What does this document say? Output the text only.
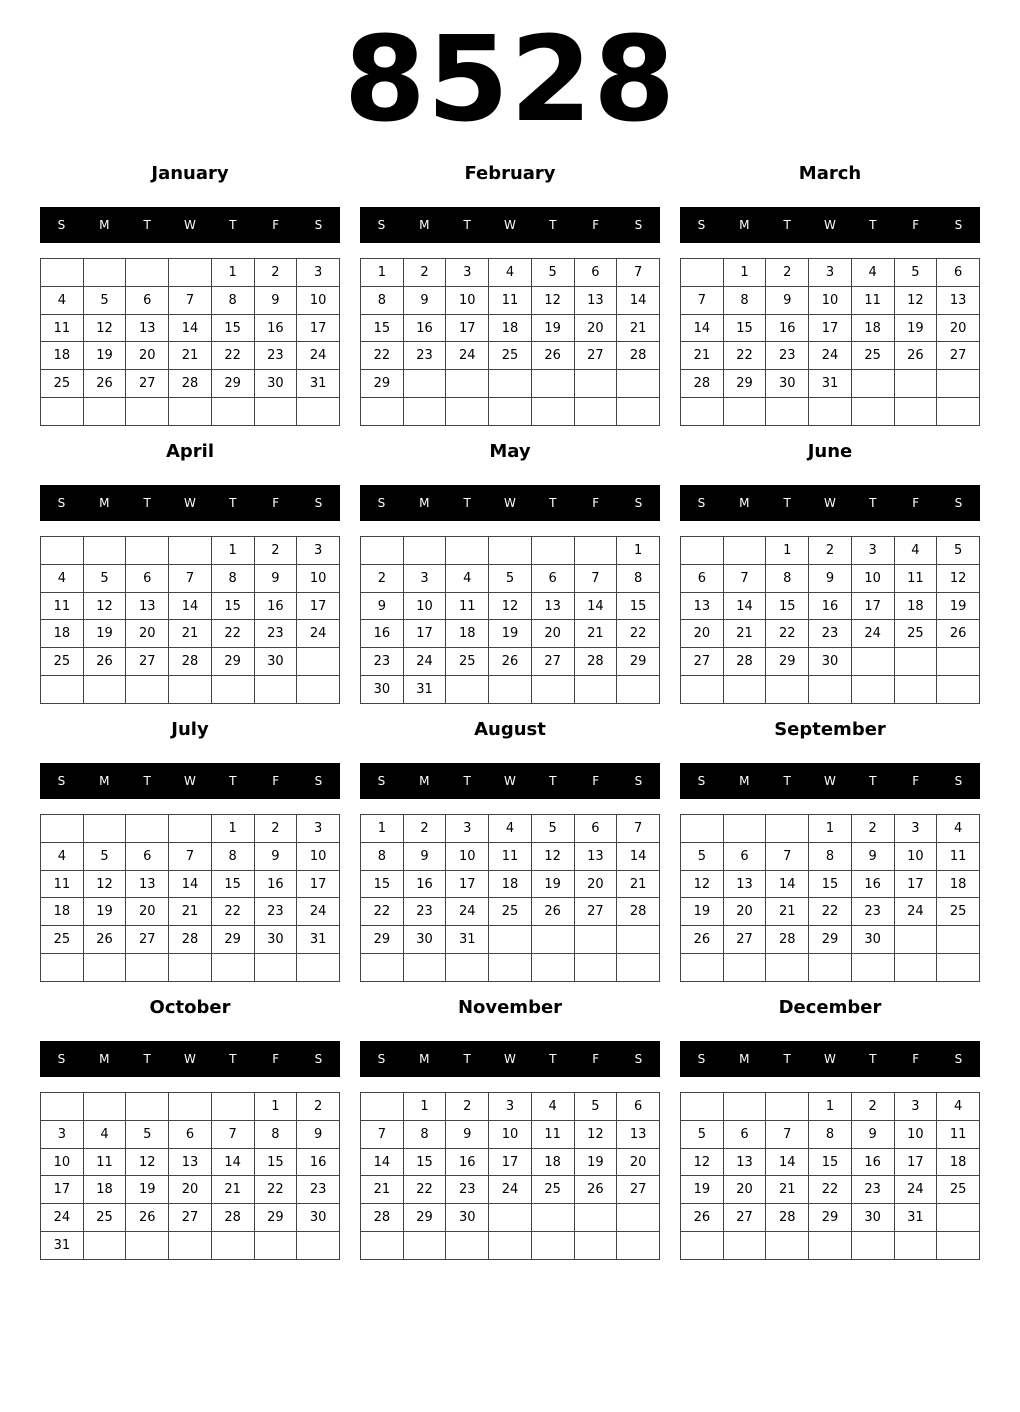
8528
January
S	M	T	W	T	F	S
				1	2	3
4	5	6	7	8	9	10
11	12	13	14	15	16	17
18	19	20	21	22	23	24
25	26	27	28	29	30	31

February
S	M	T	W	T	F	S
1	2	3	4	5	6	7
8	9	10	11	12	13	14
15	16	17	18	19	20	21
22	23	24	25	26	27	28
29						

March
S	M	T	W	T	F	S
	1	2	3	4	5	6
7	8	9	10	11	12	13
14	15	16	17	18	19	20
21	22	23	24	25	26	27
28	29	30	31			

April
S	M	T	W	T	F	S
				1	2	3
4	5	6	7	8	9	10
11	12	13	14	15	16	17
18	19	20	21	22	23	24
25	26	27	28	29	30	

May
S	M	T	W	T	F	S
						1
2	3	4	5	6	7	8
9	10	11	12	13	14	15
16	17	18	19	20	21	22
23	24	25	26	27	28	29
30	31					
June
S	M	T	W	T	F	S
		1	2	3	4	5
6	7	8	9	10	11	12
13	14	15	16	17	18	19
20	21	22	23	24	25	26
27	28	29	30			

July
S	M	T	W	T	F	S
				1	2	3
4	5	6	7	8	9	10
11	12	13	14	15	16	17
18	19	20	21	22	23	24
25	26	27	28	29	30	31

August
S	M	T	W	T	F	S
1	2	3	4	5	6	7
8	9	10	11	12	13	14
15	16	17	18	19	20	21
22	23	24	25	26	27	28
29	30	31				

September
S	M	T	W	T	F	S
			1	2	3	4
5	6	7	8	9	10	11
12	13	14	15	16	17	18
19	20	21	22	23	24	25
26	27	28	29	30		

October
S	M	T	W	T	F	S
					1	2
3	4	5	6	7	8	9
10	11	12	13	14	15	16
17	18	19	20	21	22	23
24	25	26	27	28	29	30
31						
November
S	M	T	W	T	F	S
	1	2	3	4	5	6
7	8	9	10	11	12	13
14	15	16	17	18	19	20
21	22	23	24	25	26	27
28	29	30				

December
S	M	T	W	T	F	S
			1	2	3	4
5	6	7	8	9	10	11
12	13	14	15	16	17	18
19	20	21	22	23	24	25
26	27	28	29	30	31	
